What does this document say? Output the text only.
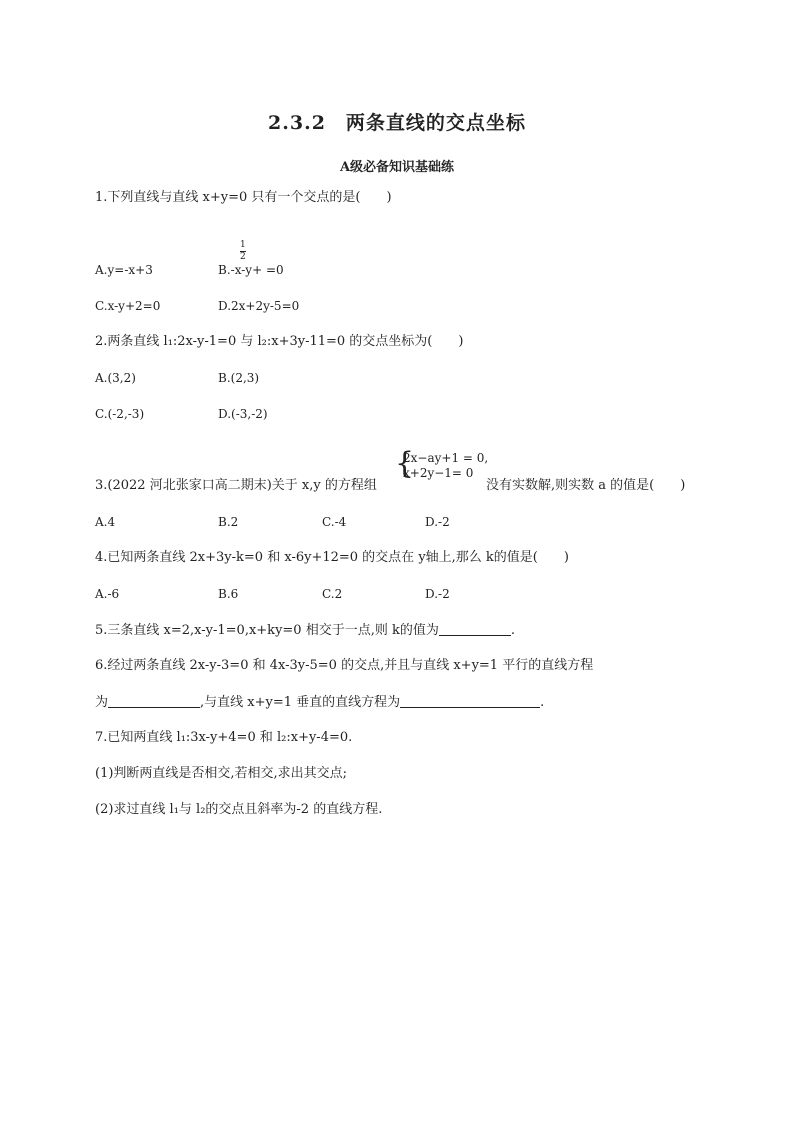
2.3.2　两条直线的交点坐标
A级必备知识基础练
1.下列直线与直线 x+y=0 只有一个交点的是(　　)
1
2
A.y=-x+3	B.-x-y+ =0
C.x-y+2=0	D.2x+2y-5=0
2.两条直线 l₁:2x-y-1=0 与 l₂:x+3y-11=0 的交点坐标为(　　)
A.(3,2)	B.(2,3)
C.(-2,-3)	D.(-3,-2)
3.(2022 河北张家口高二期末)关于 x,y 的方程组
{
2x−ay+1 = 0,
x+2y−1= 0
没有实数解,则实数 a 的值是(　　)
A.4	B.2	C.-4	D.-2
4.已知两条直线 2x+3y-k=0 和 x-6y+12=0 的交点在 y轴上,那么 k的值是(　　)
A.-6	B.6	C.2	D.-2
5.三条直线 x=2,x-y-1=0,x+ky=0 相交于一点,则 k的值为	.
6.经过两条直线 2x-y-3=0 和 4x-3y-5=0 的交点,并且与直线 x+y=1 平行的直线方程
为	,与直线 x+y=1 垂直的直线方程为	.
7.已知两直线 l₁:3x-y+4=0 和 l₂:x+y-4=0.
(1)判断两直线是否相交,若相交,求出其交点;
(2)求过直线 l₁与 l₂的交点且斜率为-2 的直线方程.
